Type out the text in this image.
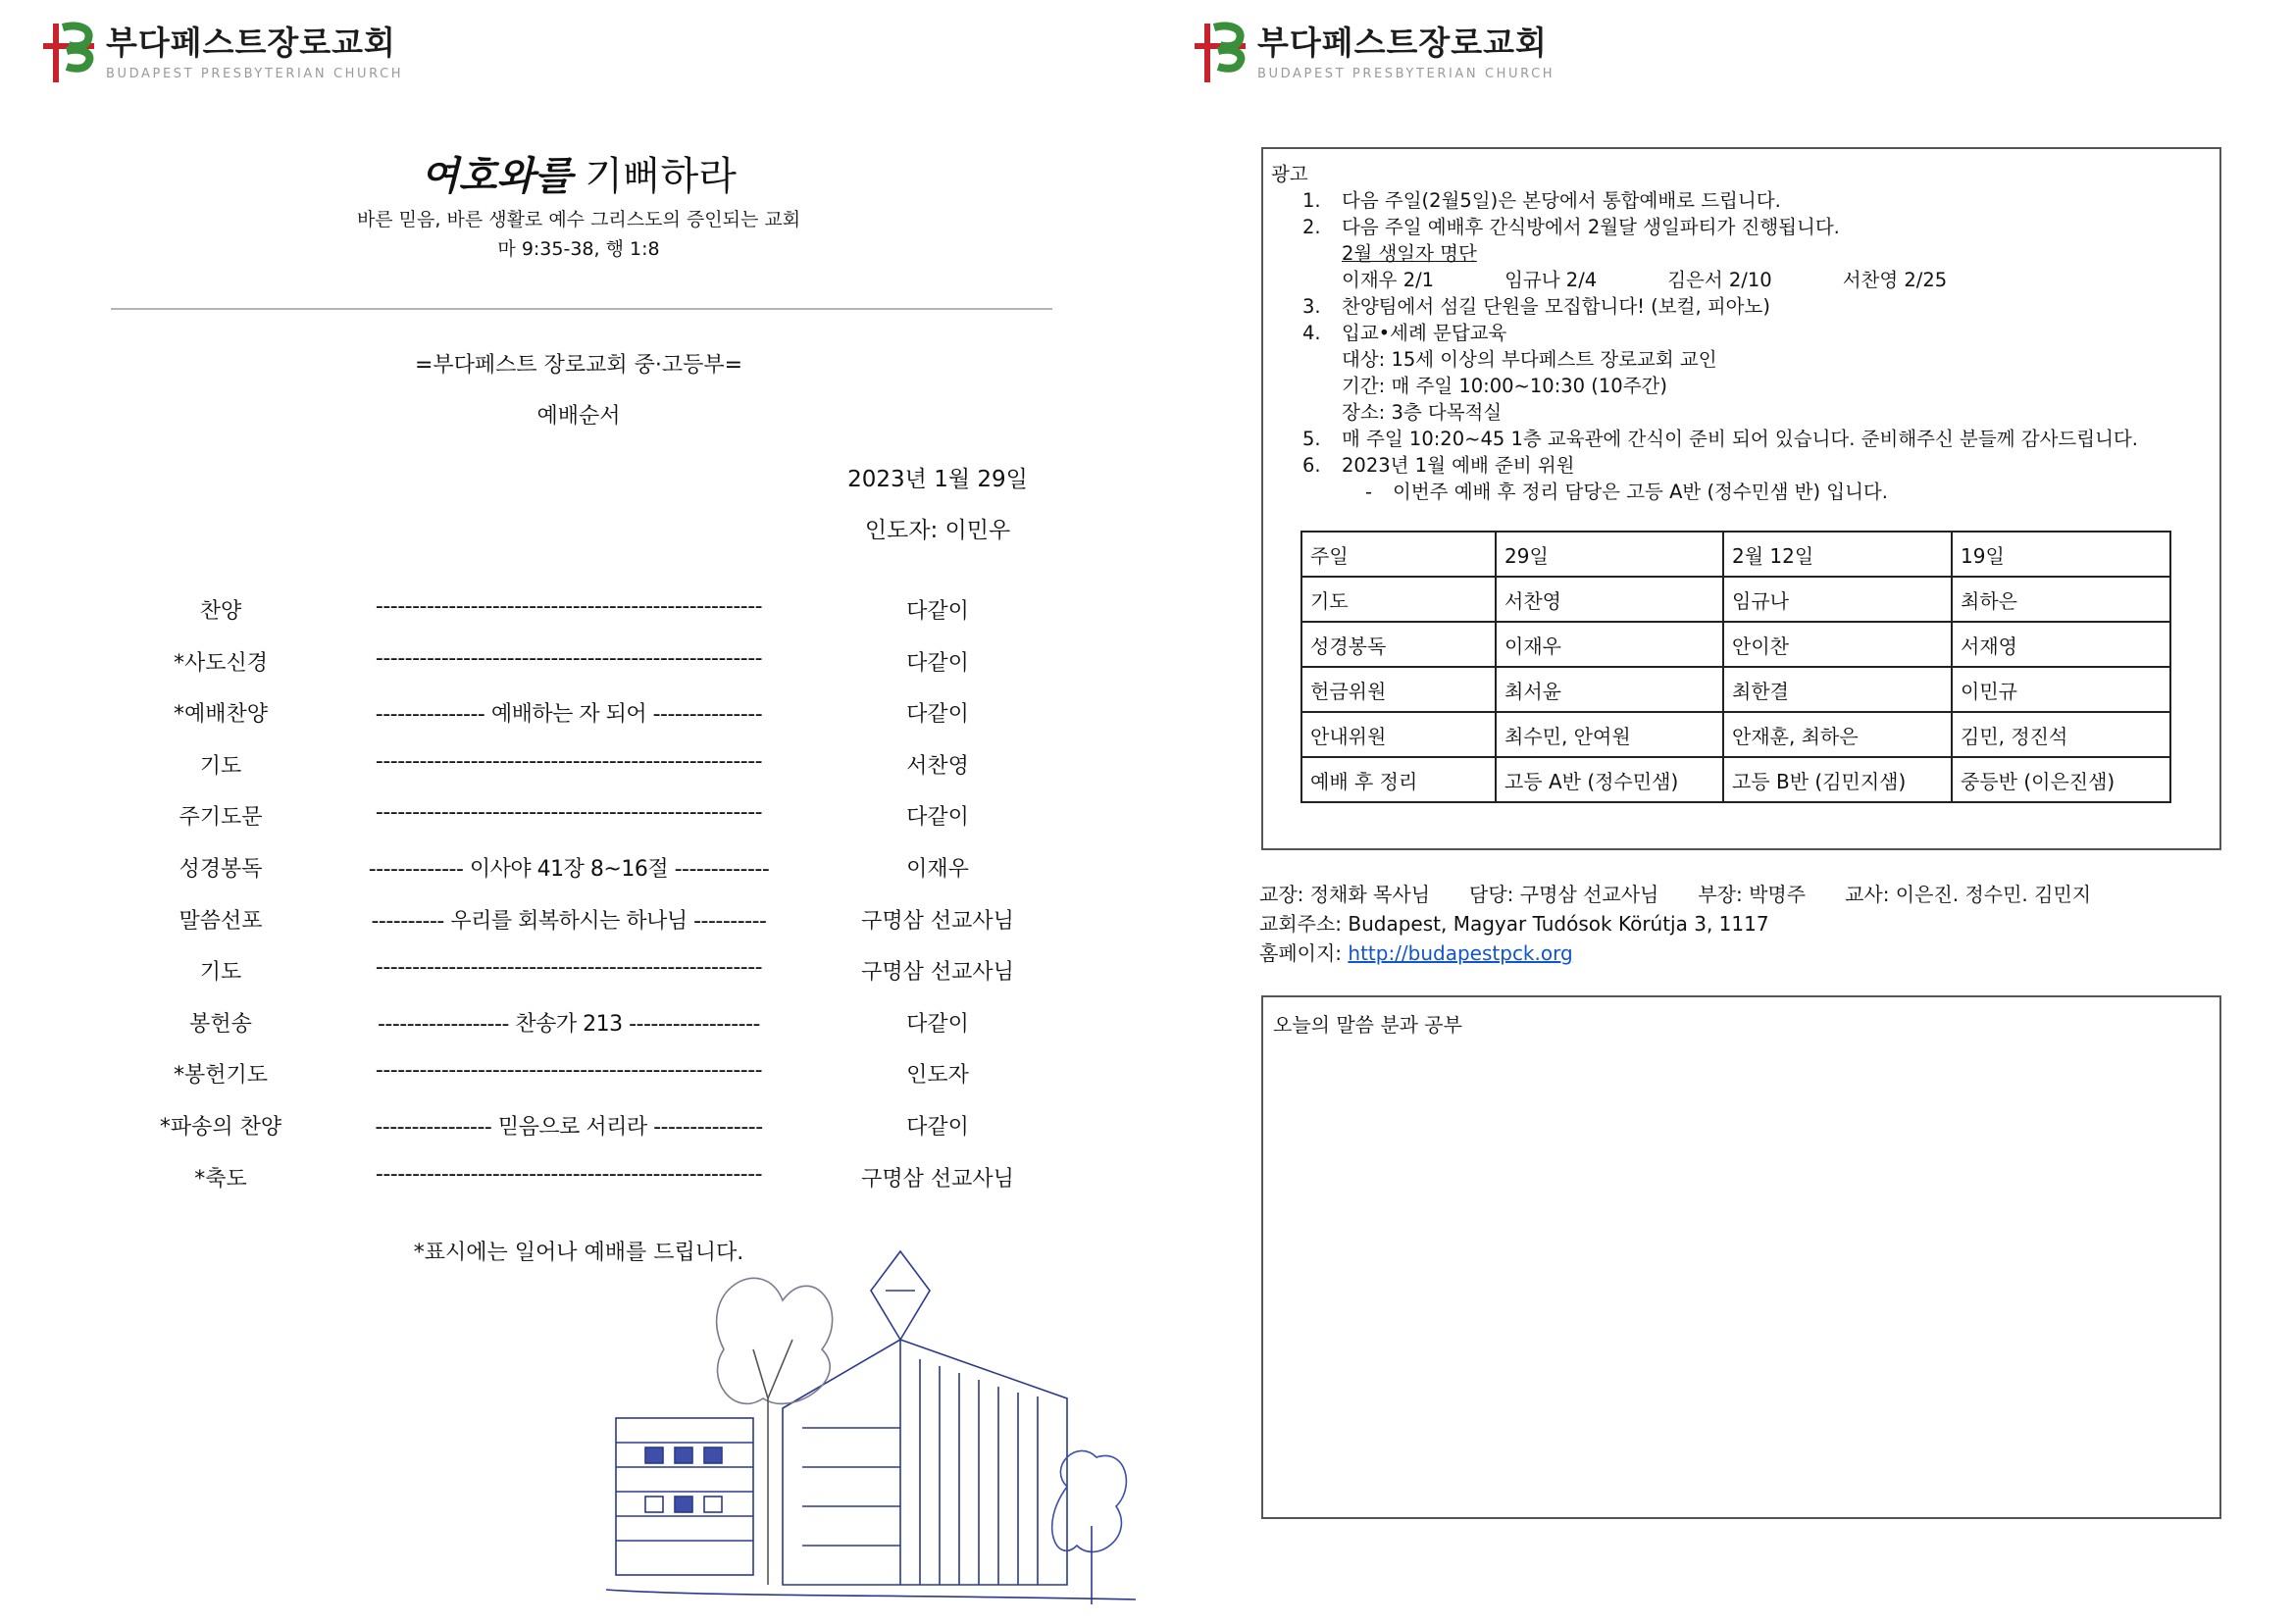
부다페스트장로교회
BUDAPEST PRESBYTERIAN CHURCH
부다페스트장로교회
BUDAPEST PRESBYTERIAN CHURCH
여호와를 기뻐하라
바른 믿음, 바른 생활로 예수 그리스도의 증인되는 교회
마 9:35-38, 행 1:8
=부다페스트 장로교회 중·고등부=
예배순서
2023년 1월 29일
인도자: 이민우
찬양	-----------------------------------------------------	다같이
*사도신경	-----------------------------------------------------	다같이
*예배찬양	--------------- 예배하는 자 되어 ---------------	다같이
기도	-----------------------------------------------------	서찬영
주기도문	-----------------------------------------------------	다같이
성경봉독	------------- 이사야 41장 8~16절 -------------	이재우
말씀선포	---------- 우리를 회복하시는 하나님 ----------	구명삼 선교사님
기도	-----------------------------------------------------	구명삼 선교사님
봉헌송	------------------ 찬송가 213 ------------------	다같이
*봉헌기도	-----------------------------------------------------	인도자
*파송의 찬양	---------------- 믿음으로 서리라 ---------------	다같이
*축도	-----------------------------------------------------	구명삼 선교사님
*표시에는 일어나 예배를 드립니다.
광고
1. 다음 주일(2월5일)은 본당에서 통합예배로 드립니다.
2. 다음 주일 예배후 간식방에서 2월달 생일파티가 진행됩니다.
2월 생일자 명단
이재우 2/1	임규나 2/4	김은서 2/10	서찬영 2/25
3. 찬양팀에서 섬길 단원을 모집합니다! (보컬, 피아노)
4. 입교•세례 문답교육
대상: 15세 이상의 부다페스트 장로교회 교인
기간: 매 주일 10:00~10:30 (10주간)
장소: 3층 다목적실
5. 매 주일 10:20~45 1층 교육관에 간식이 준비 되어 있습니다. 준비해주신 분들께 감사드립니다.
6. 2023년 1월 예배 준비 위원
- 이번주 예배 후 정리 담당은 고등 A반 (정수민샘 반) 입니다.
주일	29일	2월 12일	19일
기도	서찬영	임규나	최하은
성경봉독	이재우	안이찬	서재영
헌금위원	최서윤	최한결	이민규
안내위원	최수민, 안여원	안재훈, 최하은	김민, 정진석
예배 후 정리	고등 A반 (정수민샘)	고등 B반 (김민지샘)	중등반 (이은진샘)
교장: 정채화 목사님 담당: 구명삼 선교사님 부장: 박명주 교사: 이은진. 정수민. 김민지
교회주소: Budapest, Magyar Tudósok Körútja 3, 1117
홈페이지: http://budapestpck.org
오늘의 말씀 분과 공부
